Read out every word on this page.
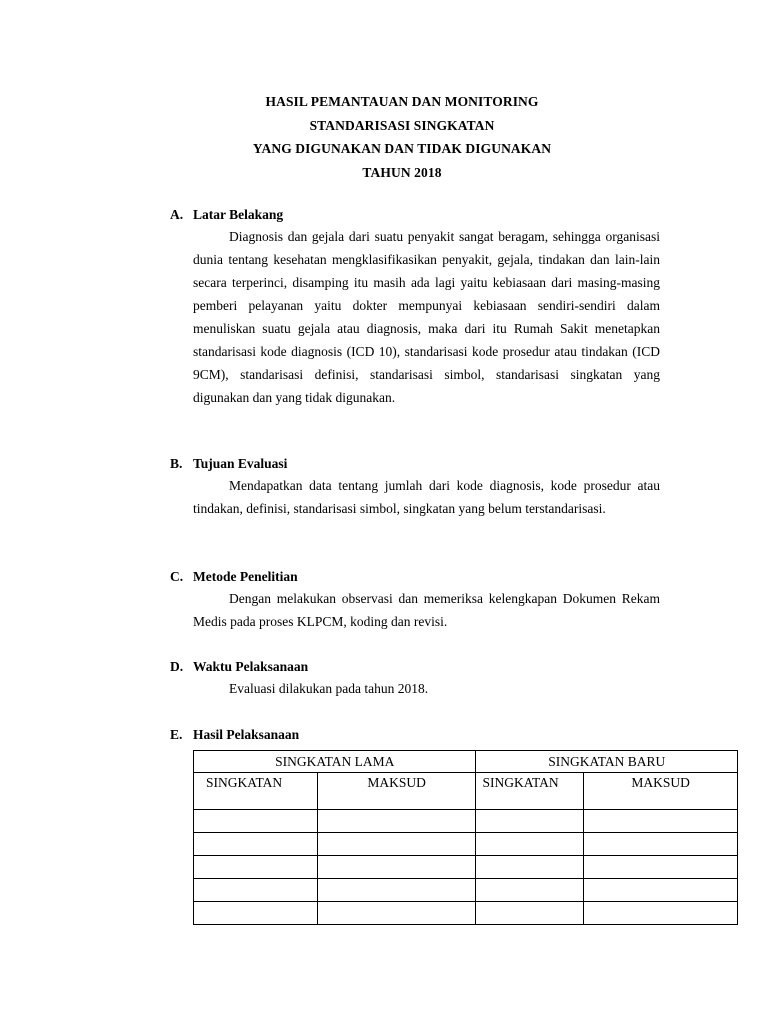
HASIL PEMANTAUAN DAN MONITORING
STANDARISASI SINGKATAN
YANG DIGUNAKAN DAN TIDAK DIGUNAKAN
TAHUN 2018
A. Latar Belakang
Diagnosis dan gejala dari suatu penyakit sangat beragam, sehingga organisasi dunia tentang kesehatan mengklasifikasikan penyakit, gejala, tindakan dan lain-lain secara terperinci, disamping itu masih ada lagi yaitu kebiasaan dari masing-masing pemberi pelayanan yaitu dokter mempunyai kebiasaan sendiri-sendiri dalam menuliskan suatu gejala atau diagnosis, maka dari itu Rumah Sakit menetapkan standarisasi kode diagnosis (ICD 10), standarisasi kode prosedur atau tindakan (ICD 9CM), standarisasi definisi, standarisasi simbol, standarisasi singkatan yang digunakan dan yang tidak digunakan.
B. Tujuan Evaluasi
Mendapatkan data tentang jumlah dari kode diagnosis, kode prosedur atau tindakan, definisi, standarisasi simbol, singkatan yang belum terstandarisasi.
C. Metode Penelitian
Dengan melakukan observasi dan memeriksa kelengkapan Dokumen Rekam Medis pada proses KLPCM, koding dan revisi.
D. Waktu Pelaksanaan
Evaluasi dilakukan pada tahun 2018.
E. Hasil Pelaksanaan
SINGKATAN LAMA		SINGKATAN BARU	
SINGKATAN	MAKSUD	SINGKATAN	MAKSUD
